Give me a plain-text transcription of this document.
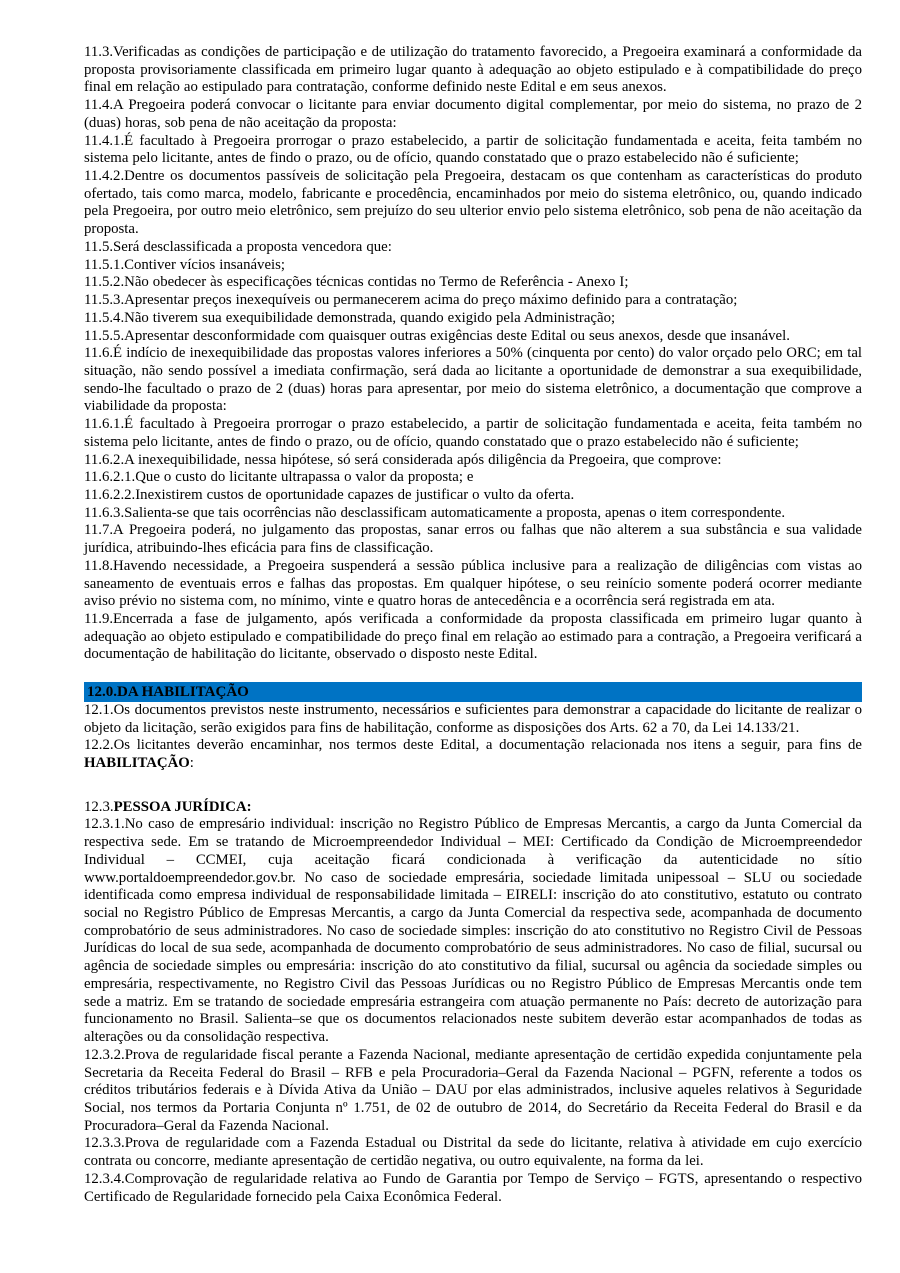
11.3.Verificadas as condições de participação e de utilização do tratamento favorecido, a Pregoeira examinará a conformidade da proposta provisoriamente classificada em primeiro lugar quanto à adequação ao objeto estipulado e à compatibilidade do preço final em relação ao estipulado para contratação, conforme definido neste Edital e em seus anexos.

11.4.A Pregoeira poderá convocar o licitante para enviar documento digital complementar, por meio do sistema, no prazo de 2 (duas) horas, sob pena de não aceitação da proposta:

11.4.1.É facultado à Pregoeira prorrogar o prazo estabelecido, a partir de solicitação fundamentada e aceita, feita também no sistema pelo licitante, antes de findo o prazo, ou de ofício, quando constatado que o prazo estabelecido não é suficiente;

11.4.2.Dentre os documentos passíveis de solicitação pela Pregoeira, destacam os que contenham as características do produto ofertado, tais como marca, modelo, fabricante e procedência, encaminhados por meio do sistema eletrônico, ou, quando indicado pela Pregoeira, por outro meio eletrônico, sem prejuízo do seu ulterior envio pelo sistema eletrônico, sob pena de não aceitação da proposta.

11.5.Será desclassificada a proposta vencedora que:

11.5.1.Contiver vícios insanáveis;

11.5.2.Não obedecer às especificações técnicas contidas no Termo de Referência - Anexo I;

11.5.3.Apresentar preços inexequíveis ou permanecerem acima do preço máximo definido para a contratação;

11.5.4.Não tiverem sua exequibilidade demonstrada, quando exigido pela Administração;

11.5.5.Apresentar desconformidade com quaisquer outras exigências deste Edital ou seus anexos, desde que insanável.

11.6.É indício de inexequibilidade das propostas valores inferiores a 50% (cinquenta por cento) do valor orçado pelo ORC; em tal situação, não sendo possível a imediata confirmação, será dada ao licitante a oportunidade de demonstrar a sua exequibilidade, sendo-lhe facultado o prazo de 2 (duas) horas para apresentar, por meio do sistema eletrônico, a documentação que comprove a viabilidade da proposta:

11.6.1.É facultado à Pregoeira prorrogar o prazo estabelecido, a partir de solicitação fundamentada e aceita, feita também no sistema pelo licitante, antes de findo o prazo, ou de ofício, quando constatado que o prazo estabelecido não é suficiente;

11.6.2.A inexequibilidade, nessa hipótese, só será considerada após diligência da Pregoeira, que comprove:

11.6.2.1.Que o custo do licitante ultrapassa o valor da proposta; e

11.6.2.2.Inexistirem custos de oportunidade capazes de justificar o vulto da oferta.

11.6.3.Salienta-se que tais ocorrências não desclassificam automaticamente a proposta, apenas o item correspondente.

11.7.A Pregoeira poderá, no julgamento das propostas, sanar erros ou falhas que não alterem a sua substância e sua validade jurídica, atribuindo-lhes eficácia para fins de classificação.

11.8.Havendo necessidade, a Pregoeira suspenderá a sessão pública inclusive para a realização de diligências com vistas ao saneamento de eventuais erros e falhas das propostas. Em qualquer hipótese, o seu reinício somente poderá ocorrer mediante aviso prévio no sistema com, no mínimo, vinte e quatro horas de antecedência e a ocorrência será registrada em ata.

11.9.Encerrada a fase de julgamento, após verificada a conformidade da proposta classificada em primeiro lugar quanto à adequação ao objeto estipulado e compatibilidade do preço final em relação ao estimado para a contração, a Pregoeira verificará a documentação de habilitação do licitante, observado o disposto neste Edital.

12.0.DA HABILITAÇÃO

12.1.Os documentos previstos neste instrumento, necessários e suficientes para demonstrar a capacidade do licitante de realizar o objeto da licitação, serão exigidos para fins de habilitação, conforme as disposições dos Arts. 62 a 70, da Lei 14.133/21.

12.2.Os licitantes deverão encaminhar, nos termos deste Edital, a documentação relacionada nos itens a seguir, para fins de HABILITAÇÃO:

12.3.PESSOA JURÍDICA:

12.3.1.No caso de empresário individual: inscrição no Registro Público de Empresas Mercantis, a cargo da Junta Comercial da respectiva sede. Em se tratando de Microempreendedor Individual – MEI: Certificado da Condição de Microempreendedor Individual – CCMEI, cuja aceitação ficará condicionada à verificação da autenticidade no sítio www.portaldoempreendedor.gov.br. No caso de sociedade empresária, sociedade limitada unipessoal – SLU ou sociedade identificada como empresa individual de responsabilidade limitada – EIRELI: inscrição do ato constitutivo, estatuto ou contrato social no Registro Público de Empresas Mercantis, a cargo da Junta Comercial da respectiva sede, acompanhada de documento comprobatório de seus administradores. No caso de sociedade simples: inscrição do ato constitutivo no Registro Civil de Pessoas Jurídicas do local de sua sede, acompanhada de documento comprobatório de seus administradores. No caso de filial, sucursal ou agência de sociedade simples ou empresária: inscrição do ato constitutivo da filial, sucursal ou agência da sociedade simples ou empresária, respectivamente, no Registro Civil das Pessoas Jurídicas ou no Registro Público de Empresas Mercantis onde tem sede a matriz. Em se tratando de sociedade empresária estrangeira com atuação permanente no País: decreto de autorização para funcionamento no Brasil. Salienta–se que os documentos relacionados neste subitem deverão estar acompanhados de todas as alterações ou da consolidação respectiva.

12.3.2.Prova de regularidade fiscal perante a Fazenda Nacional, mediante apresentação de certidão expedida conjuntamente pela Secretaria da Receita Federal do Brasil – RFB e pela Procuradoria–Geral da Fazenda Nacional – PGFN, referente a todos os créditos tributários federais e à Dívida Ativa da União – DAU por elas administrados, inclusive aqueles relativos à Seguridade Social, nos termos da Portaria Conjunta nº 1.751, de 02 de outubro de 2014, do Secretário da Receita Federal do Brasil e da Procuradora–Geral da Fazenda Nacional.

12.3.3.Prova de regularidade com a Fazenda Estadual ou Distrital da sede do licitante, relativa à atividade em cujo exercício contrata ou concorre, mediante apresentação de certidão negativa, ou outro equivalente, na forma da lei.

12.3.4.Comprovação de regularidade relativa ao Fundo de Garantia por Tempo de Serviço – FGTS, apresentando o respectivo Certificado de Regularidade fornecido pela Caixa Econômica Federal.
